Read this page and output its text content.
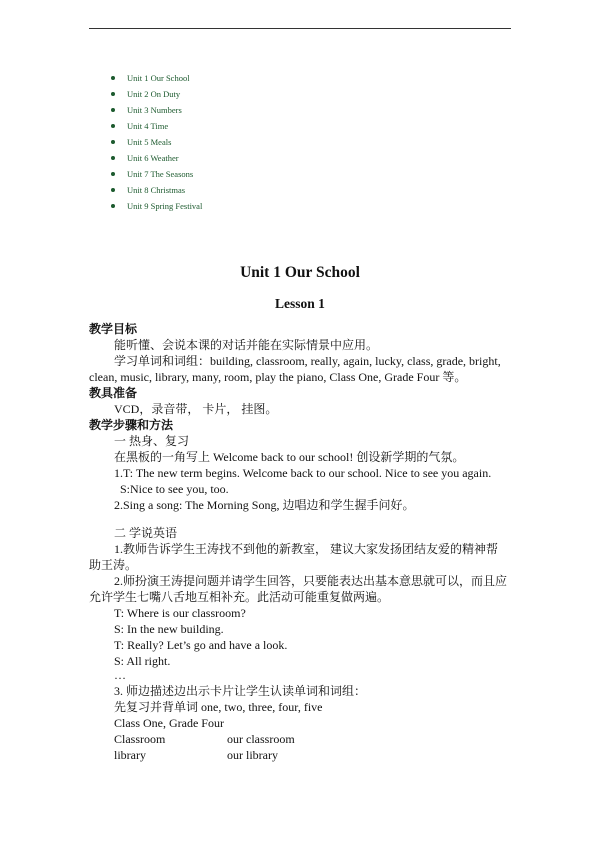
Unit 1 Our School
Unit 2 On Duty
Unit 3 Numbers
Unit 4 Time
Unit 5 Meals
Unit 6 Weather
Unit 7 The Seasons
Unit 8 Christmas
Unit 9 Spring Festival
Unit 1 Our School
Lesson 1
教学目标
能听懂、会说本课的对话并能在实际情景中应用。
学习单词和词组：building, classroom, really, again, lucky, class, grade, bright,
clean, music, library, many, room, play the piano, Class One, Grade Four 等。
教具准备
VCD，录音带， 卡片， 挂图。
教学步骤和方法
一 热身、复习
在黑板的一角写上 Welcome back to our school! 创设新学期的气氛。
1.T: The new term begins. Welcome back to our school. Nice to see you again.
S:Nice to see you, too.
2.Sing a song: The Morning Song, 边唱边和学生握手问好。
二 学说英语
1.教师告诉学生王涛找不到他的新教室， 建议大家发扬团结友爱的精神帮
助王涛。
2.师扮演王涛提问题并请学生回答，只要能表达出基本意思就可以，而且应
允许学生七嘴八舌地互相补充。此活动可能重复做两遍。
T: Where is our classroom?
S: In the new building.
T: Really? Let’s go and have a look.
S: All right.
…
3. 师边描述边出示卡片让学生认读单词和词组：
先复习并背单词 one, two, three, four, five
Class One, Grade Four
Classroom	our classroom
library	our library
